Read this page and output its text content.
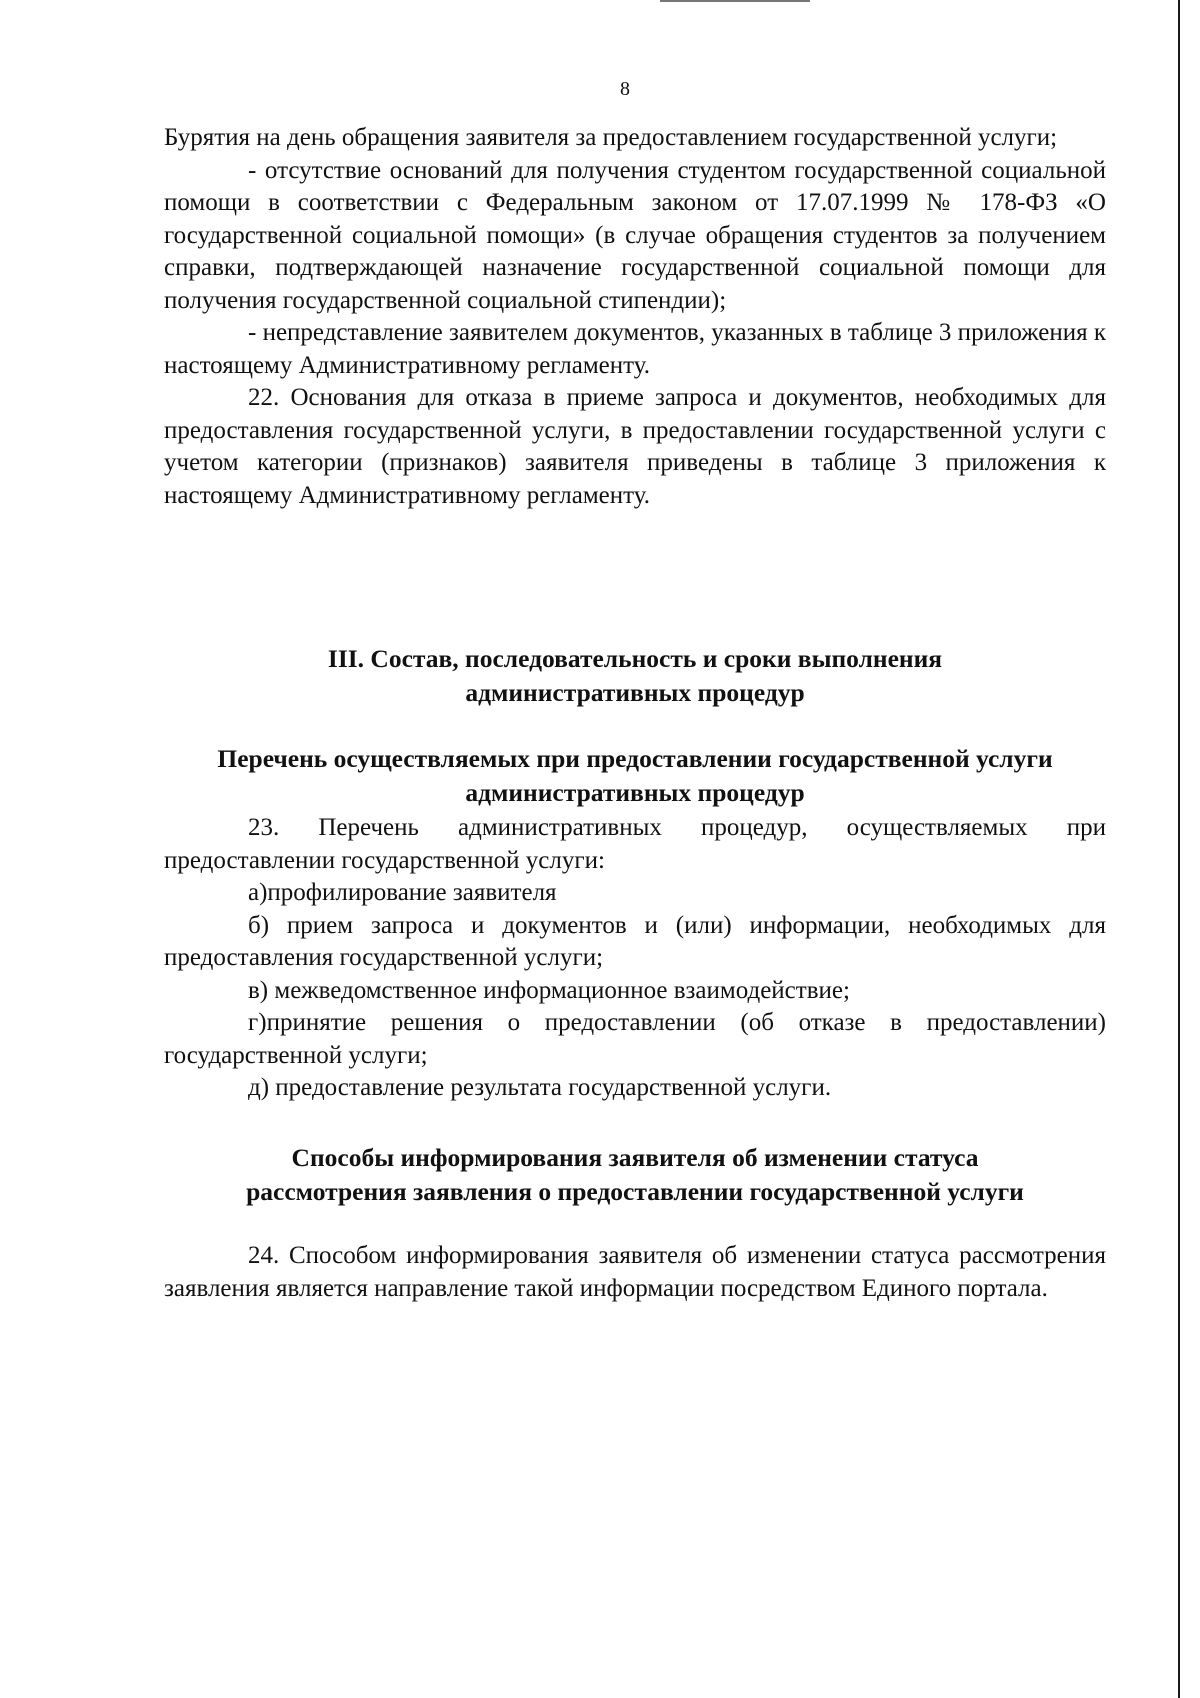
8

Бурятия на день обращения заявителя за предоставлением государственной услуги;

- отсутствие оснований для получения студентом государственной социальной помощи в соответствии с Федеральным законом от 17.07.1999 № 178-ФЗ «О государственной социальной помощи» (в случае обращения студентов за получением справки, подтверждающей назначение государственной социальной помощи для получения государственной социальной стипендии);

- непредставление заявителем документов, указанных в таблице 3 приложения к настоящему Административному регламенту.

22. Основания для отказа в приеме запроса и документов, необходимых для предоставления государственной услуги, в предоставлении государственной услуги с учетом категории (признаков) заявителя приведены в таблице 3 приложения к настоящему Административному регламенту.

III. Состав, последовательность и сроки выполнения
административных процедур
Перечень осуществляемых при предоставлении государственной услуги
административных процедур

23. Перечень административных процедур, осуществляемых при предоставлении государственной услуги:

а)профилирование заявителя

б) прием запроса и документов и (или) информации, необходимых для предоставления государственной услуги;

в) межведомственное информационное взаимодействие;

г)принятие решения о предоставлении (об отказе в предоставлении) государственной услуги;

д) предоставление результата государственной услуги.

Способы информирования заявителя об изменении статуса
рассмотрения заявления о предоставлении государственной услуги

24. Способом информирования заявителя об изменении статуса рассмотрения заявления является направление такой информации посредством Единого портала.
